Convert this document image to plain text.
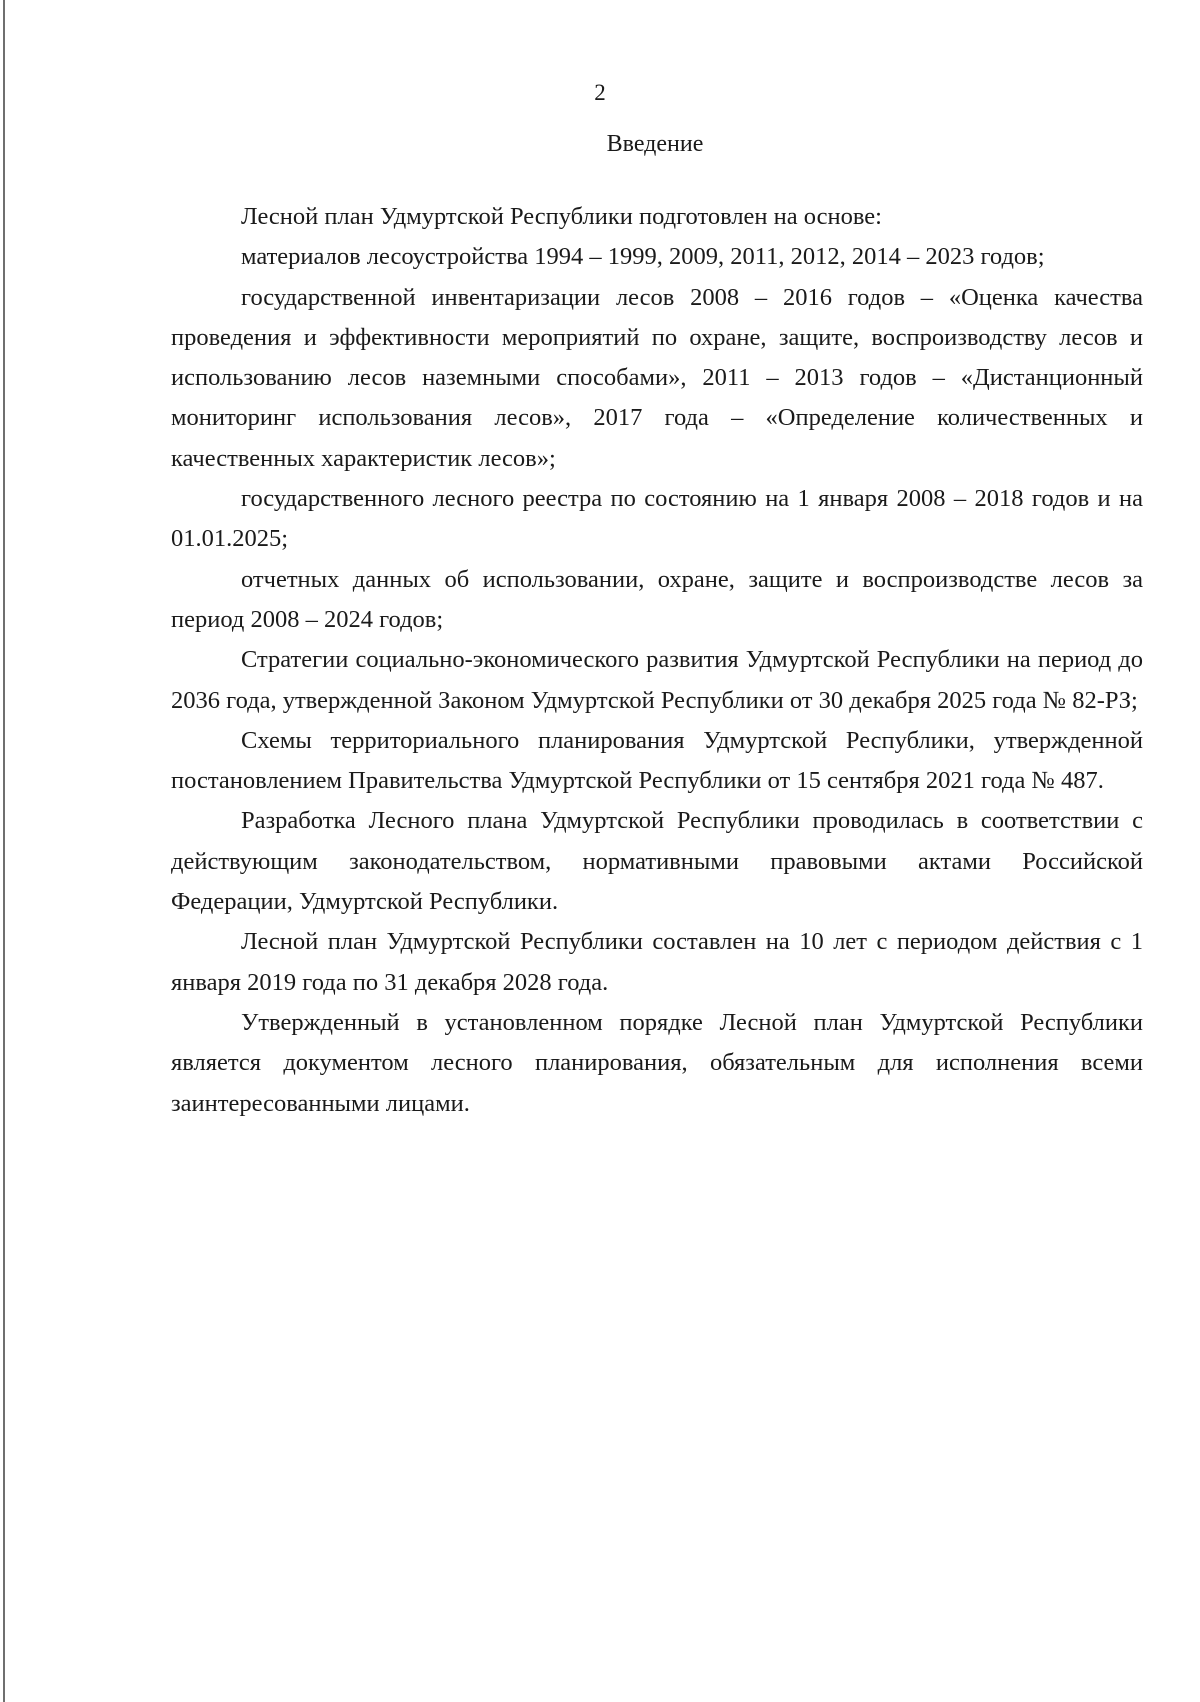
2
Введение

Лесной план Удмуртской Республики подготовлен на основе:

материалов лесоустройства 1994 – 1999, 2009, 2011, 2012, 2014 – 2023 годов;

государственной инвентаризации лесов 2008 – 2016 годов – «Оценка качества проведения и эффективности мероприятий по охране, защите, воспроизводству лесов и использованию лесов наземными способами», 2011 – 2013 годов – «Дистанционный мониторинг использования лесов», 2017 года – «Определение количественных и качественных характеристик лесов»;

государственного лесного реестра по состоянию на 1 января 2008 – 2018 годов и на 01.01.2025;

отчетных данных об использовании, охране, защите и воспроизводстве лесов за период 2008 – 2024 годов;

Стратегии социально-экономического развития Удмуртской Республики на период до 2036 года, утвержденной Законом Удмуртской Республики от 30 декабря 2025 года № 82-РЗ;

Схемы территориального планирования Удмуртской Республики, утвержденной постановлением Правительства Удмуртской Республики от 15 сентября 2021 года № 487.

Разработка Лесного плана Удмуртской Республики проводилась в соответствии с действующим законодательством, нормативными правовыми актами Российской Федерации, Удмуртской Республики.

Лесной план Удмуртской Республики составлен на 10 лет с периодом действия с 1 января 2019 года по 31 декабря 2028 года.

Утвержденный в установленном порядке Лесной план Удмуртской Республики является документом лесного планирования, обязательным для исполнения всеми заинтересованными лицами.
